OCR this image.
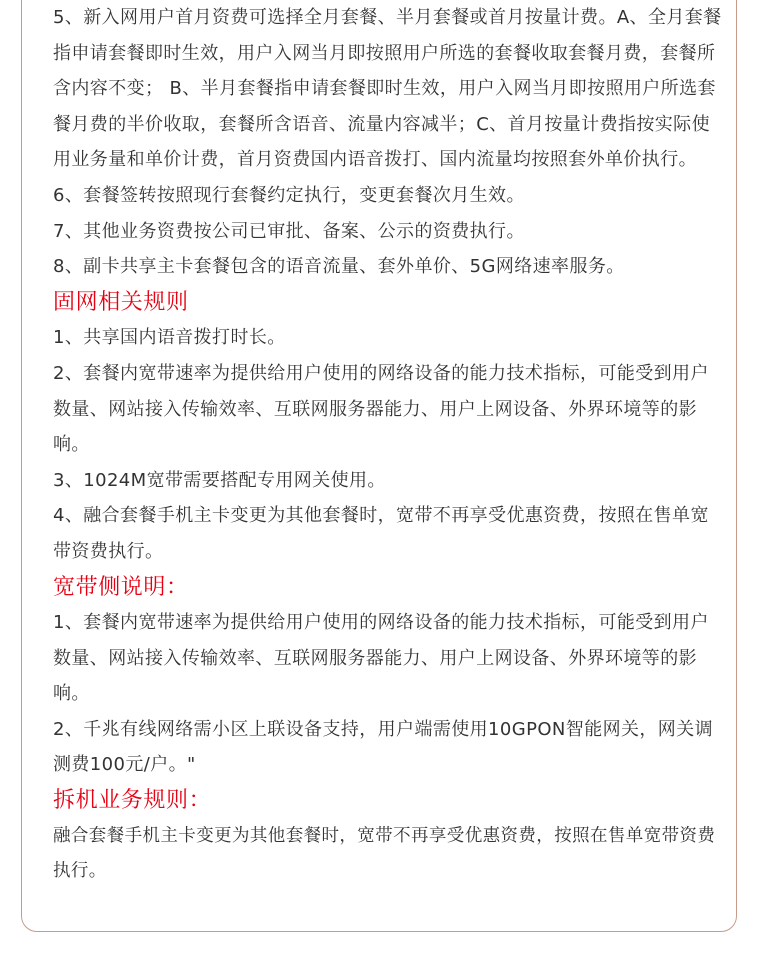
5、新入网用户首月资费可选择全月套餐、半月套餐或首月按量计费。A、全月套餐指申请套餐即时生效，用户入网当月即按照用户所选的套餐收取套餐月费，套餐所含内容不变； B、半月套餐指申请套餐即时生效，用户入网当月即按照用户所选套餐月费的半价收取，套餐所含语音、流量内容减半；C、首月按量计费指按实际使用业务量和单价计费，首月资费国内语音拨打、国内流量均按照套外单价执行。

6、套餐签转按照现行套餐约定执行，变更套餐次月生效。

7、其他业务资费按公司已审批、备案、公示的资费执行。

8、副卡共享主卡套餐包含的语音流量、套外单价、5G网络速率服务。

固网相关规则

1、共享国内语音拨打时长。

2、套餐内宽带速率为提供给用户使用的网络设备的能力技术指标，可能受到用户数量、网站接入传输效率、互联网服务器能力、用户上网设备、外界环境等的影响。

3、1024M宽带需要搭配专用网关使用。

4、融合套餐手机主卡变更为其他套餐时，宽带不再享受优惠资费，按照在售单宽带资费执行。

宽带侧说明：

1、套餐内宽带速率为提供给用户使用的网络设备的能力技术指标，可能受到用户数量、网站接入传输效率、互联网服务器能力、用户上网设备、外界环境等的影响。

2、千兆有线网络需小区上联设备支持，用户端需使用10GPON智能网关，网关调测费100元/户。"

拆机业务规则：

融合套餐手机主卡变更为其他套餐时，宽带不再享受优惠资费，按照在售单宽带资费执行。
